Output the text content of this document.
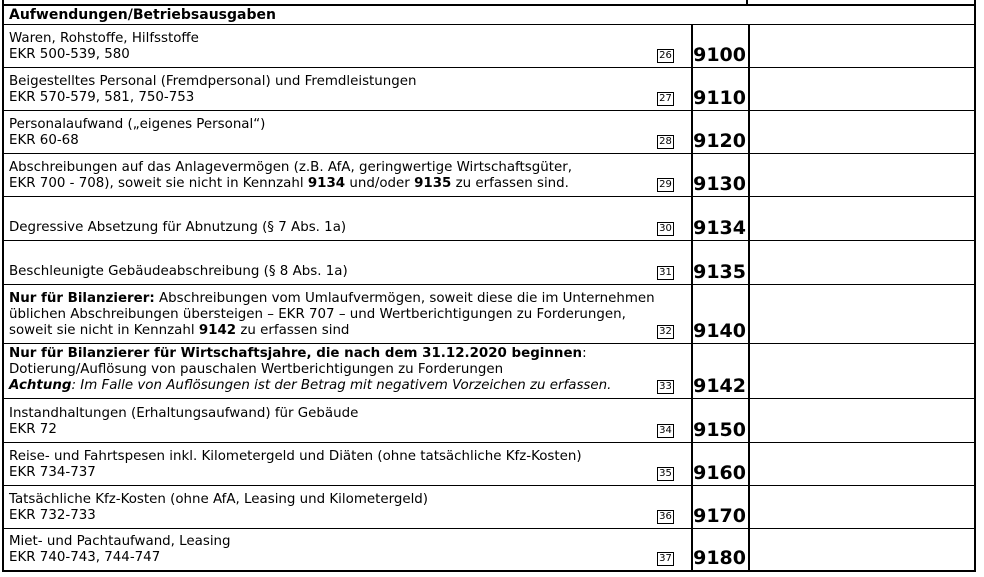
Aufwendungen/Betriebsausgaben
Waren, Rohstoffe, Hilfsstoffe
EKR 500-539, 580	26 9100
Beigestelltes Personal (Fremdpersonal) und Fremdleistungen
EKR 570-579, 581, 750-753	27 9110
Personalaufwand („eigenes Personal“)
EKR 60-68	28 9120
Abschreibungen auf das Anlagevermögen (z.B. AfA, geringwertige Wirtschaftsgüter,
EKR 700 - 708), soweit sie nicht in Kennzahl 9134 und/oder 9135 zu erfassen sind.	29 9130
Degressive Absetzung für Abnutzung (§ 7 Abs. 1a)	30 9134
Beschleunigte Gebäudeabschreibung (§ 8 Abs. 1a)	31 9135
Nur für Bilanzierer: Abschreibungen vom Umlaufvermögen, soweit diese die im Unternehmen
üblichen Abschreibungen übersteigen – EKR 707 – und Wertberichtigungen zu Forderungen,
soweit sie nicht in Kennzahl 9142 zu erfassen sind	32 9140
Nur für Bilanzierer für Wirtschaftsjahre, die nach dem 31.12.2020 beginnen:
Dotierung/Auflösung von pauschalen Wertberichtigungen zu Forderungen
Achtung: Im Falle von Auflösungen ist der Betrag mit negativem Vorzeichen zu erfassen.	33 9142
Instandhaltungen (Erhaltungsaufwand) für Gebäude
EKR 72	34 9150
Reise- und Fahrtspesen inkl. Kilometergeld und Diäten (ohne tatsächliche Kfz-Kosten)
EKR 734-737	35 9160
Tatsächliche Kfz-Kosten (ohne AfA, Leasing und Kilometergeld)
EKR 732-733	36 9170
Miet- und Pachtaufwand, Leasing
EKR 740-743, 744-747	37 9180
